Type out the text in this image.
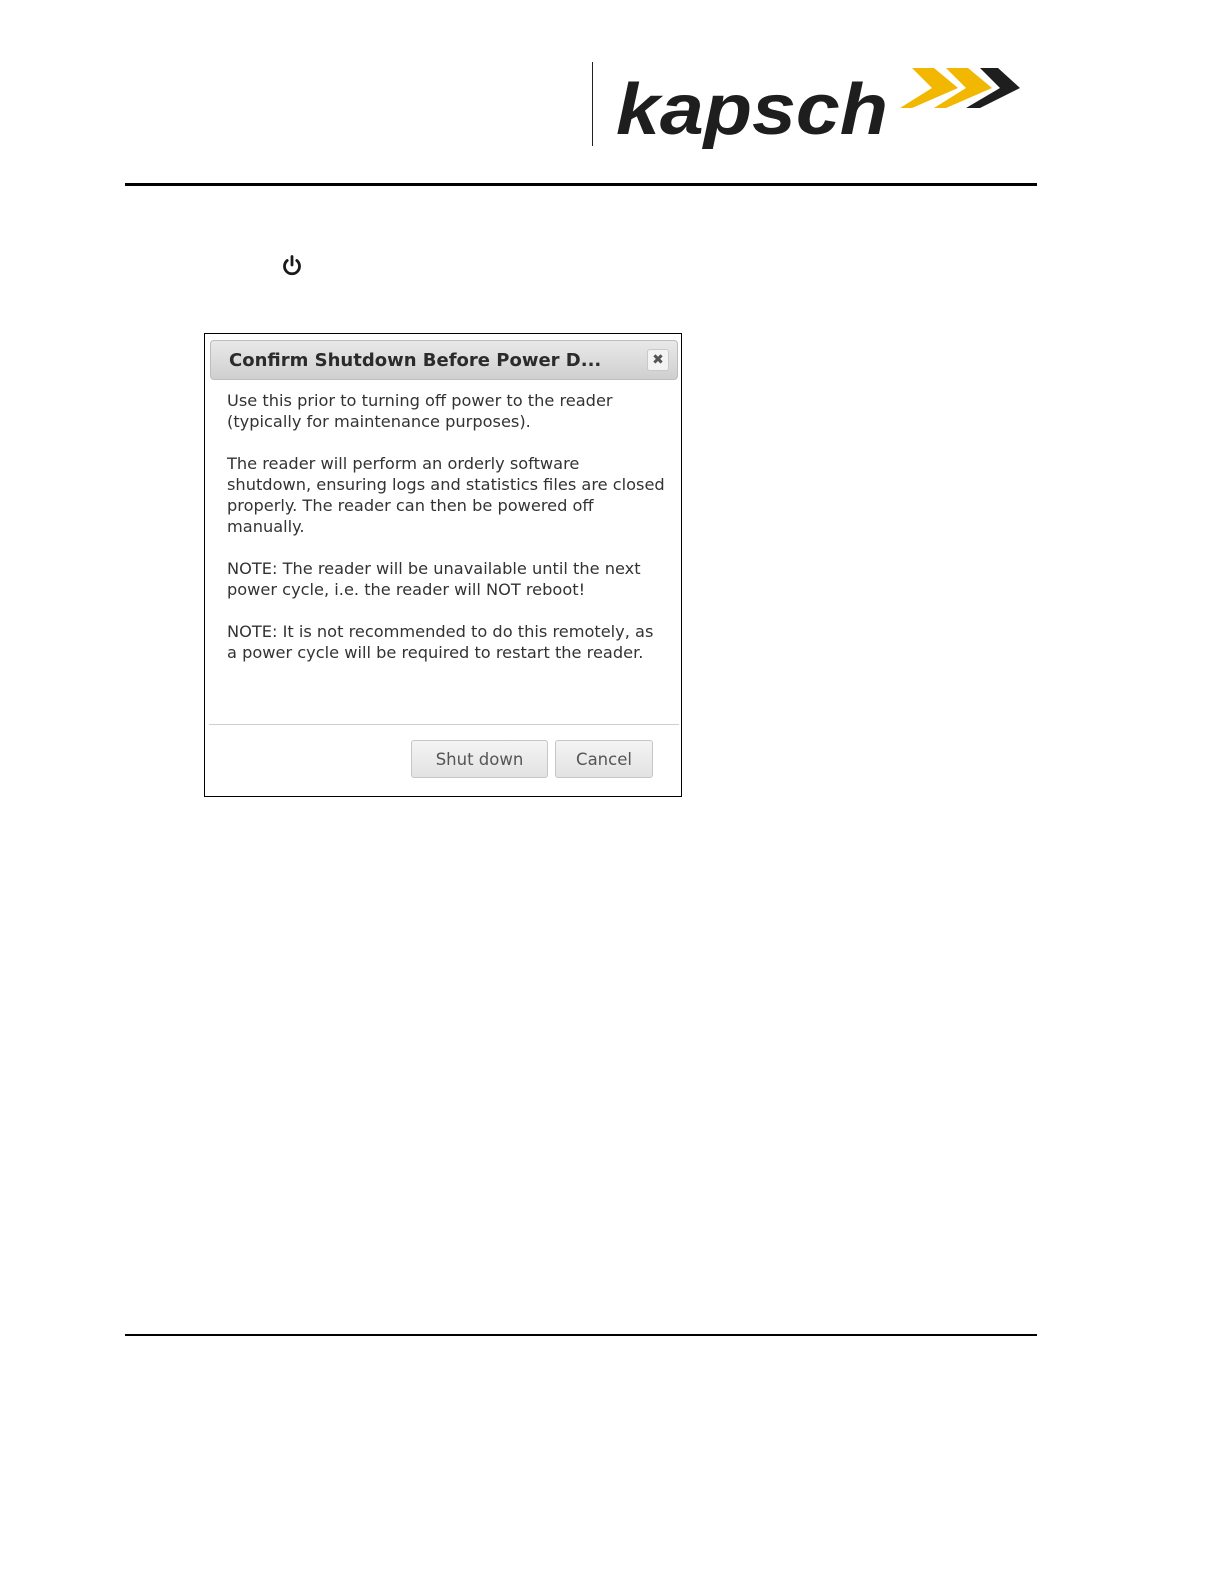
kapsch
Confirm Shutdown Before Power D...	✖

Use this prior to turning off power to the reader (typically for maintenance purposes).

The reader will perform an orderly software shutdown, ensuring logs and statistics files are closed properly. The reader can then be powered off manually.

NOTE: The reader will be unavailable until the next power cycle, i.e. the reader will NOT reboot!

NOTE: It is not recommended to do this remotely, as a power cycle will be required to restart the reader.

Shut down	Cancel
